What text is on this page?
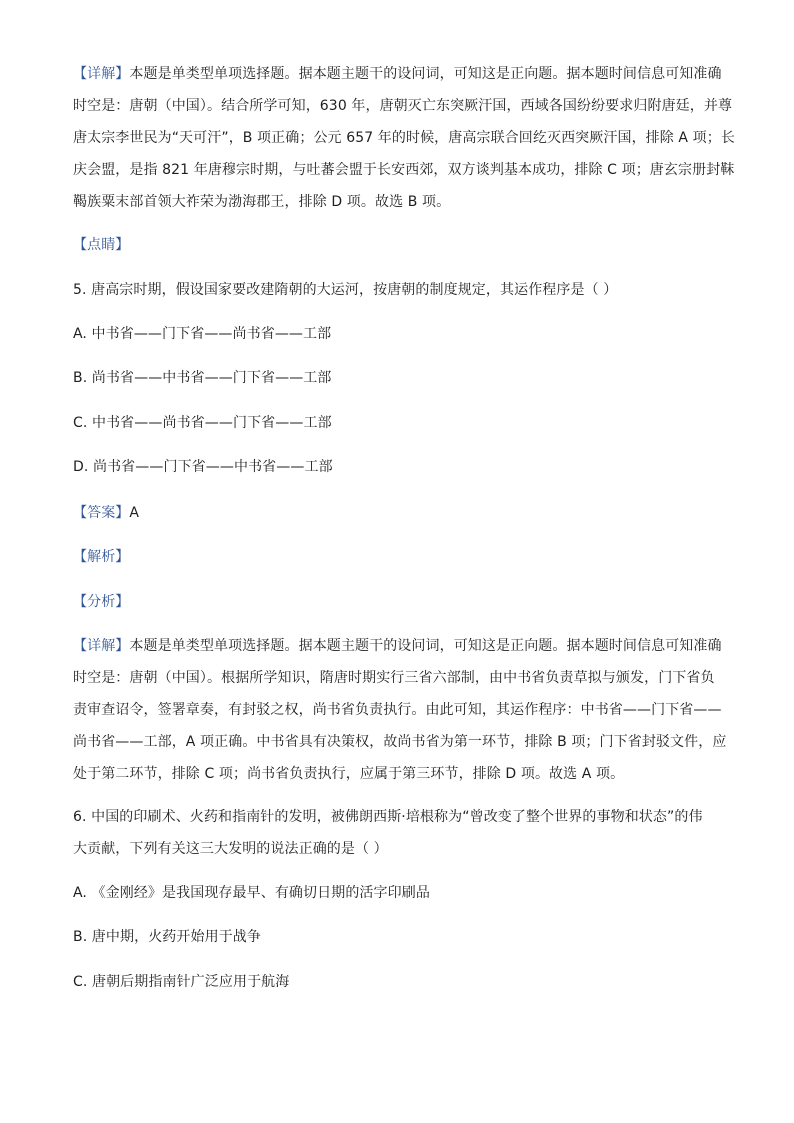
【详解】本题是单类型单项选择题。据本题主题干的设问词，可知这是正向题。据本题时间信息可知准确
时空是：唐朝（中国）。结合所学可知，630 年，唐朝灭亡东突厥汗国，西域各国纷纷要求归附唐廷，并尊
唐太宗李世民为“天可汗”，B 项正确；公元 657 年的时候，唐高宗联合回纥灭西突厥汗国，排除 A 项；长
庆会盟，是指 821 年唐穆宗时期，与吐蕃会盟于长安西郊，双方谈判基本成功，排除 C 项；唐玄宗册封靺
鞨族粟末部首领大祚荣为渤海郡王，排除 D 项。故选 B 项。
【点睛】
5. 唐高宗时期，假设国家要改建隋朝的大运河，按唐朝的制度规定，其运作程序是（ ）
A. 中书省——门下省——尚书省——工部
B. 尚书省——中书省——门下省——工部
C. 中书省——尚书省——门下省——工部
D. 尚书省——门下省——中书省——工部
【答案】A
【解析】
【分析】
【详解】本题是单类型单项选择题。据本题主题干的设问词，可知这是正向题。据本题时间信息可知准确
时空是：唐朝（中国）。根据所学知识，隋唐时期实行三省六部制，由中书省负责草拟与颁发，门下省负
责审查诏令，签署章奏，有封驳之权，尚书省负责执行。由此可知，其运作程序：中书省——门下省——
尚书省——工部，A 项正确。中书省具有决策权，故尚书省为第一环节，排除 B 项；门下省封驳文件，应
处于第二环节，排除 C 项；尚书省负责执行，应属于第三环节，排除 D 项。故选 A 项。
6. 中国的印刷术、火药和指南针的发明，被佛朗西斯·培根称为“曾改变了整个世界的事物和状态”的伟
大贡献，下列有关这三大发明的说法正确的是（ ）
A. 《金刚经》是我国现存最早、有确切日期的活字印刷品
B. 唐中期，火药开始用于战争
C. 唐朝后期指南针广泛应用于航海
